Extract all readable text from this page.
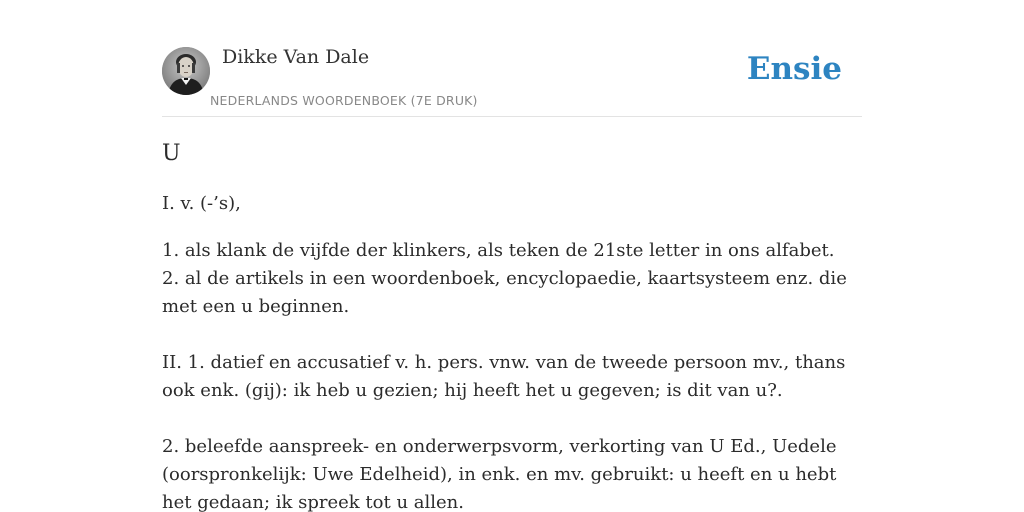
Dikke Van Dale
NEDERLANDS WOORDENBOEK (7E DRUK)
Ensie
U

I. v. (-’s),

1. als klank de vijfde der klinkers, als teken de 21ste letter in ons alfabet.

2. al de artikels in een woordenboek, encyclopaedie, kaartsysteem enz. die met een u beginnen.

II. 1. datief en accusatief v. h. pers. vnw. van de tweede persoon mv., thans ook enk. (gij): ik heb u gezien; hij heeft het u gegeven; is dit van u?.

2. beleefde aanspreek- en onderwerpsvorm, verkorting van U Ed., Uedele (oorspronkelijk: Uwe Edelheid), in enk. en mv. gebruikt: u heeft en u hebt het gedaan; ik spreek tot u allen.
